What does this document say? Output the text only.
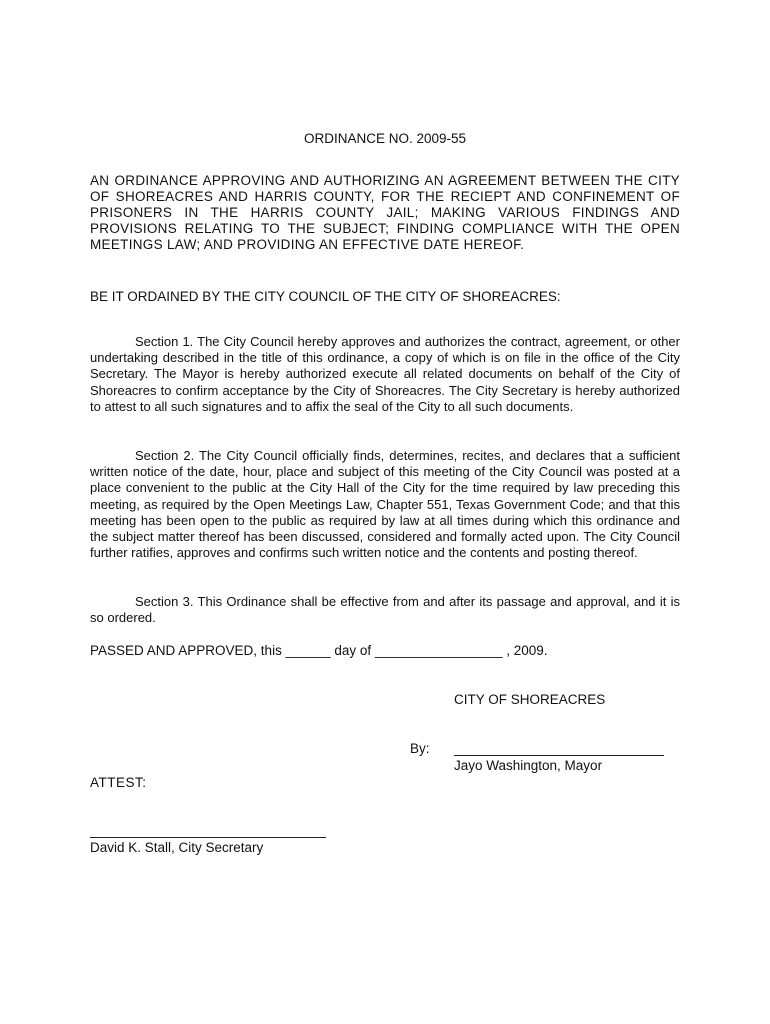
ORDINANCE NO. 2009-55
AN ORDINANCE APPROVING AND AUTHORIZING AN AGREEMENT BETWEEN THE CITY OF SHOREACRES AND HARRIS COUNTY, FOR THE RECIEPT AND CONFINEMENT OF PRISONERS IN THE HARRIS COUNTY JAIL; MAKING VARIOUS FINDINGS AND PROVISIONS RELATING TO THE SUBJECT; FINDING COMPLIANCE WITH THE OPEN MEETINGS LAW; AND PROVIDING AN EFFECTIVE DATE HEREOF.
BE IT ORDAINED BY THE CITY COUNCIL OF THE CITY OF SHOREACRES:
Section 1. The City Council hereby approves and authorizes the contract, agreement, or other undertaking described in the title of this ordinance, a copy of which is on file in the office of the City Secretary. The Mayor is hereby authorized execute all related documents on behalf of the City of Shoreacres to confirm acceptance by the City of Shoreacres. The City Secretary is hereby authorized to attest to all such signatures and to affix the seal of the City to all such documents.
Section 2. The City Council officially finds, determines, recites, and declares that a sufficient written notice of the date, hour, place and subject of this meeting of the City Council was posted at a place convenient to the public at the City Hall of the City for the time required by law preceding this meeting, as required by the Open Meetings Law, Chapter 551, Texas Government Code; and that this meeting has been open to the public as required by law at all times during which this ordinance and the subject matter thereof has been discussed, considered and formally acted upon. The City Council further ratifies, approves and confirms such written notice and the contents and posting thereof.
Section 3. This Ordinance shall be effective from and after its passage and approval, and it is so ordered.
PASSED AND APPROVED, this ______ day of _________________ , 2009.
CITY OF SHOREACRES
By:
Jayo Washington, Mayor
ATTEST:
David K. Stall, City Secretary
